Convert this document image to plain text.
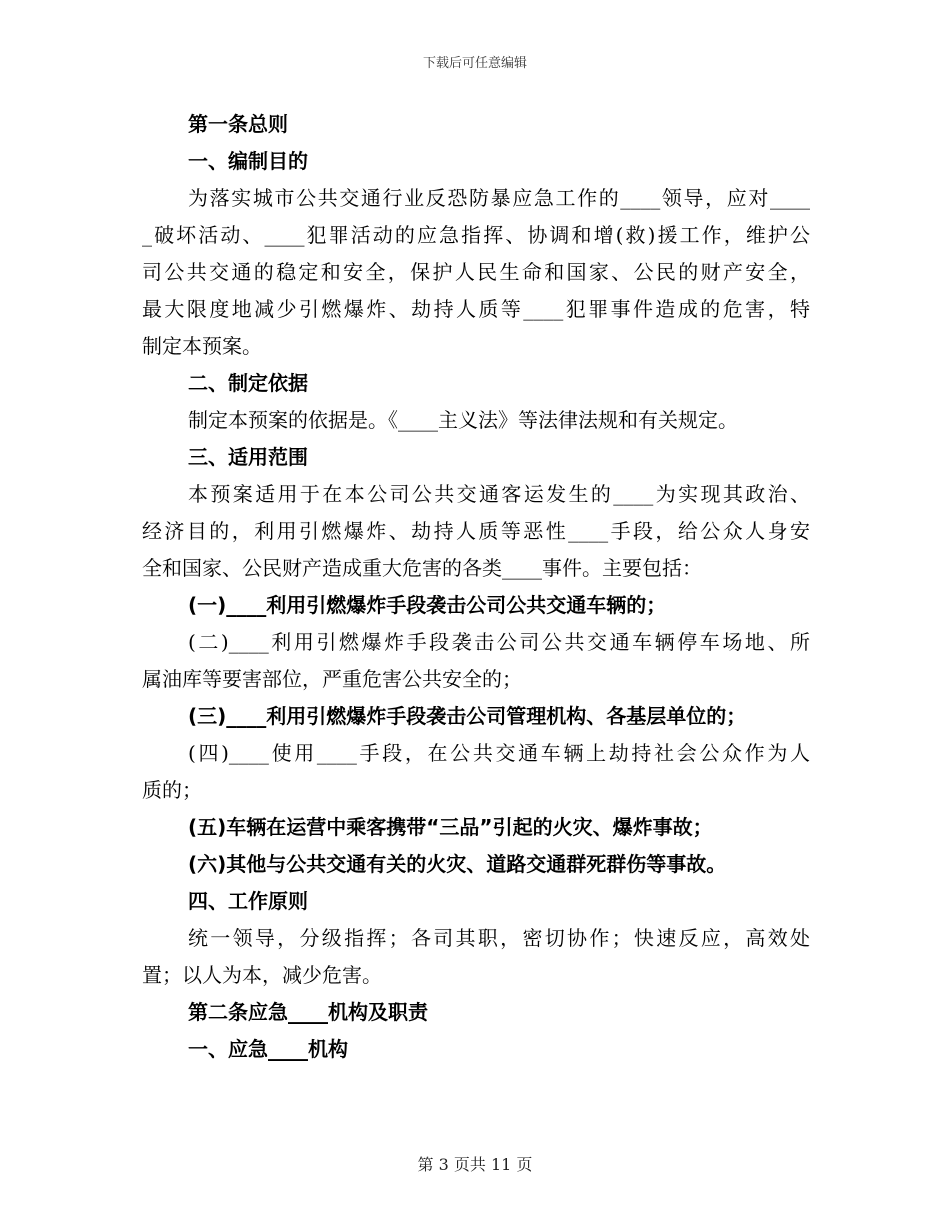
下载后可任意编辑
第一条总则
一、编制目的
为落实城市公共交通行业反恐防暴应急工作的____领导，应对____
_破坏活动、____犯罪活动的应急指挥、协调和增(救)援工作，维护公
司公共交通的稳定和安全，保护人民生命和国家、公民的财产安全，
最大限度地减少引燃爆炸、劫持人质等____犯罪事件造成的危害，特
制定本预案。
二、制定依据
制定本预案的依据是。《____主义法》等法律法规和有关规定。
三、适用范围
本预案适用于在本公司公共交通客运发生的____为实现其政治、
经济目的，利用引燃爆炸、劫持人质等恶性____手段，给公众人身安
全和国家、公民财产造成重大危害的各类____事件。主要包括：
(一)____利用引燃爆炸手段袭击公司公共交通车辆的；
(二)____利用引燃爆炸手段袭击公司公共交通车辆停车场地、所
属油库等要害部位，严重危害公共安全的；
(三)____利用引燃爆炸手段袭击公司管理机构、各基层单位的；
(四)____使用____手段，在公共交通车辆上劫持社会公众作为人
质的；
(五)车辆在运营中乘客携带“三品”引起的火灾、爆炸事故；
(六)其他与公共交通有关的火灾、道路交通群死群伤等事故。
四、工作原则
统一领导，分级指挥；各司其职，密切协作；快速反应，高效处
置；以人为本，减少危害。
第二条应急____机构及职责
一、应急____机构
第 3 页共 11 页
